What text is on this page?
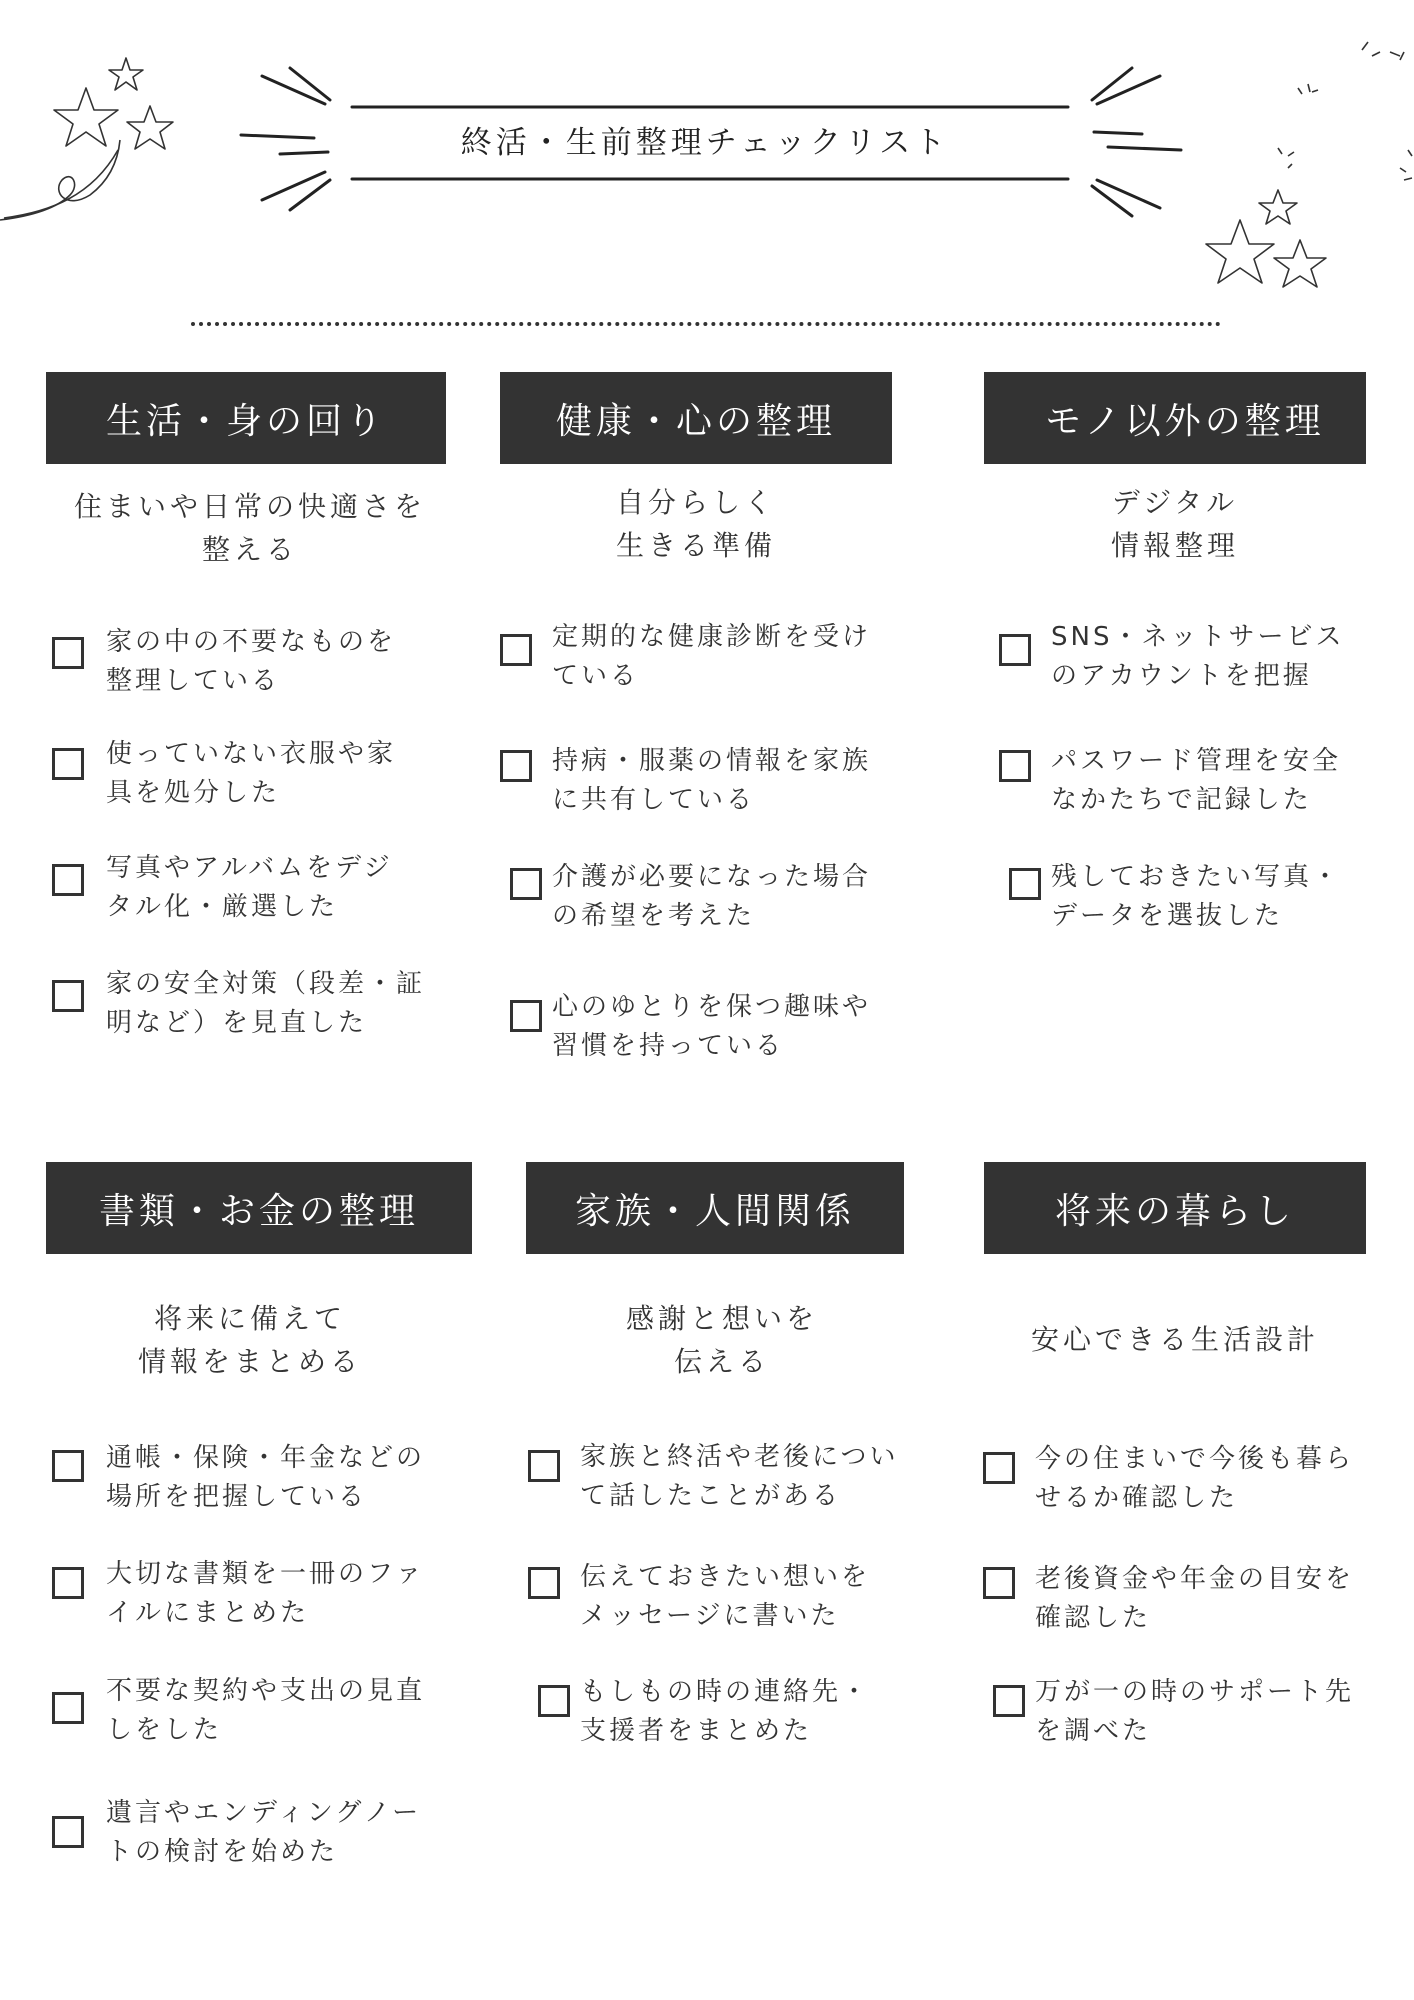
終活・生前整理チェックリスト
生活・身の回り
住まいや日常の快適さを
整える
家の中の不要なものを
整理している
使っていない衣服や家
具を処分した
写真やアルバムをデジ
タル化・厳選した
家の安全対策（段差・証
明など）を見直した
健康・心の整理
自分らしく
生きる準備
定期的な健康診断を受け
ている
持病・服薬の情報を家族
に共有している
介護が必要になった場合
の希望を考えた
心のゆとりを保つ趣味や
習慣を持っている
モノ以外の整理
デジタル
情報整理
SNS・ネットサービス
のアカウントを把握
パスワード管理を安全
なかたちで記録した
残しておきたい写真・
データを選抜した
書類・お金の整理
将来に備えて
情報をまとめる
通帳・保険・年金などの
場所を把握している
大切な書類を一冊のファ
イルにまとめた
不要な契約や支出の見直
しをした
遺言やエンディングノー
トの検討を始めた
家族・人間関係
感謝と想いを
伝える
家族と終活や老後につい
て話したことがある
伝えておきたい想いを
メッセージに書いた
もしもの時の連絡先・
支援者をまとめた
将来の暮らし
安心できる生活設計
今の住まいで今後も暮ら
せるか確認した
老後資金や年金の目安を
確認した
万が一の時のサポート先
を調べた
